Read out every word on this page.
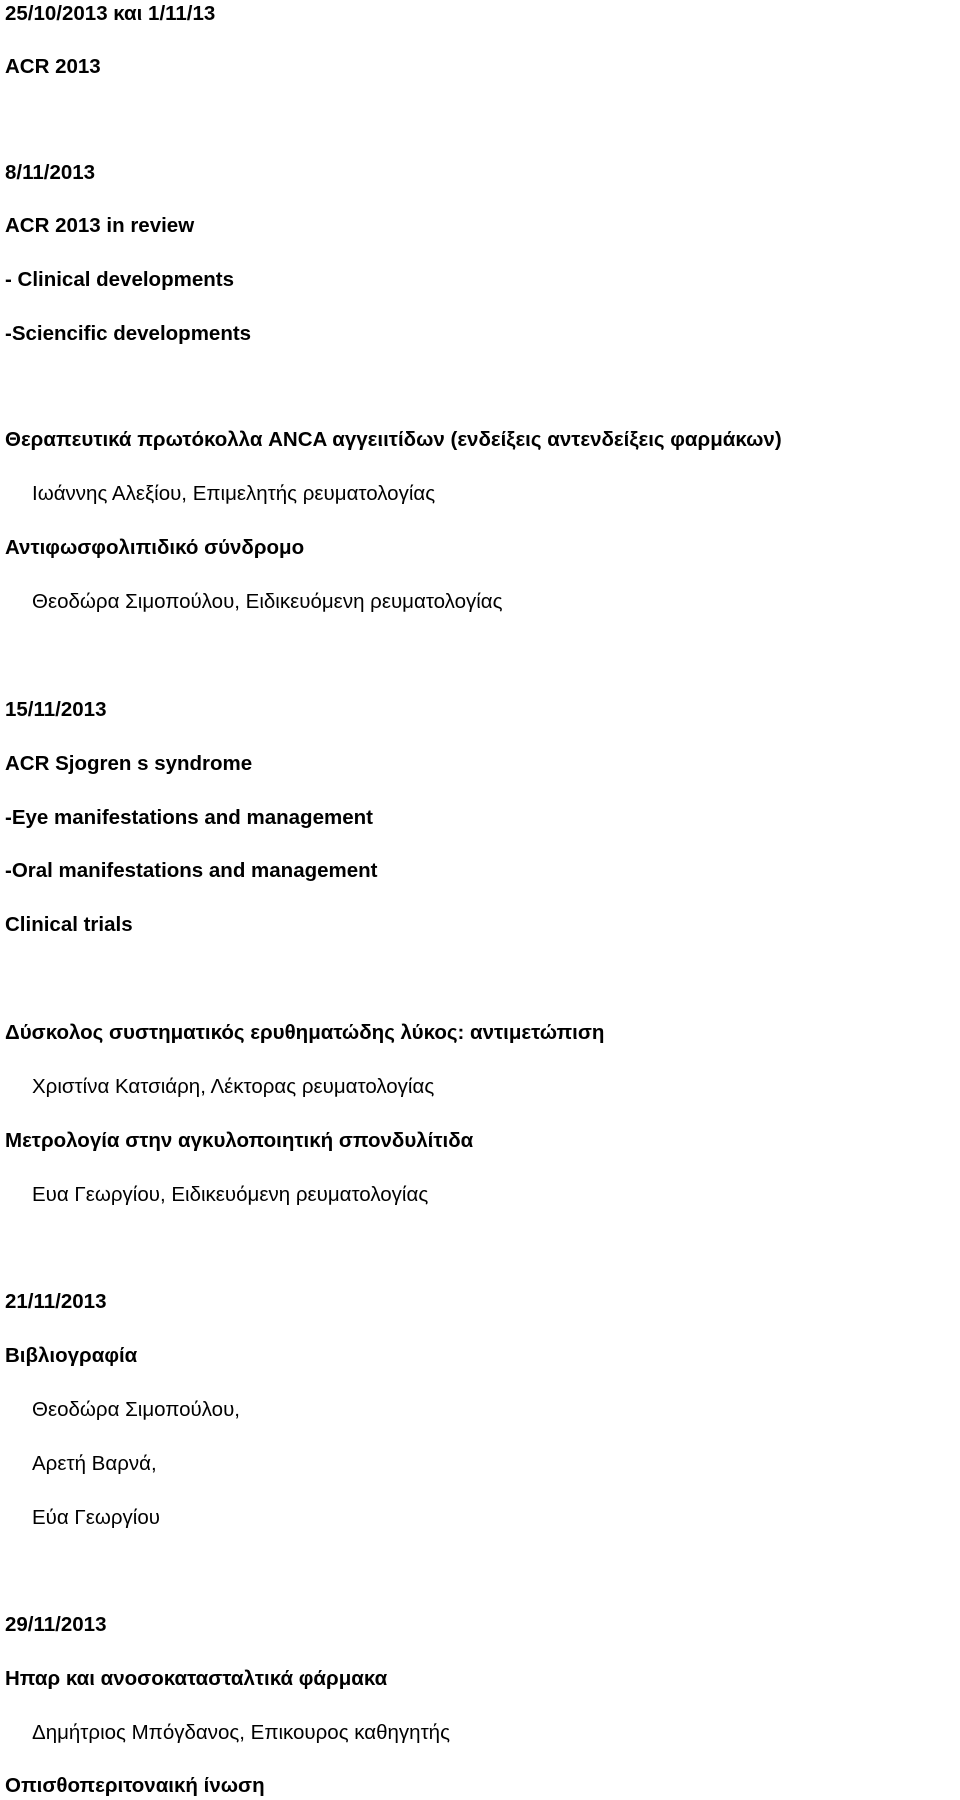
25/10/2013 και 1/11/13
ACR 2013
8/11/2013
ACR 2013 in review
- Clinical developments
-Sciencific developments
Θεραπευτικά πρωτόκολλα ANCA αγγειιτίδων (ενδείξεις αντενδείξεις φαρμάκων)
Ιωάννης Αλεξίου, Επιμελητής ρευματολογίας
Αντιφωσφολιπιδικό σύνδρομο
Θεοδώρα Σιμοπούλου, Ειδικευόμενη ρευματολογίας
15/11/2013
ACR Sjogren s syndrome
-Eye manifestations and management
-Oral manifestations and management
Clinical trials
Δύσκολος συστηματικός ερυθηματώδης λύκος: αντιμετώπιση
Χριστίνα Κατσιάρη, Λέκτορας ρευματολογίας
Μετρολογία στην αγκυλοποιητική σπονδυλίτιδα
Ευα Γεωργίου, Ειδικευόμενη ρευματολογίας
21/11/2013
Βιβλιογραφία
Θεοδώρα Σιμοπούλου,
Αρετή Βαρνά,
Εύα Γεωργίου
29/11/2013
Ηπαρ και ανοσοκατασταλτικά φάρμακα
Δημήτριος Μπόγδανος, Επικουρος καθηγητής
Οπισθοπεριτοναική ίνωση
